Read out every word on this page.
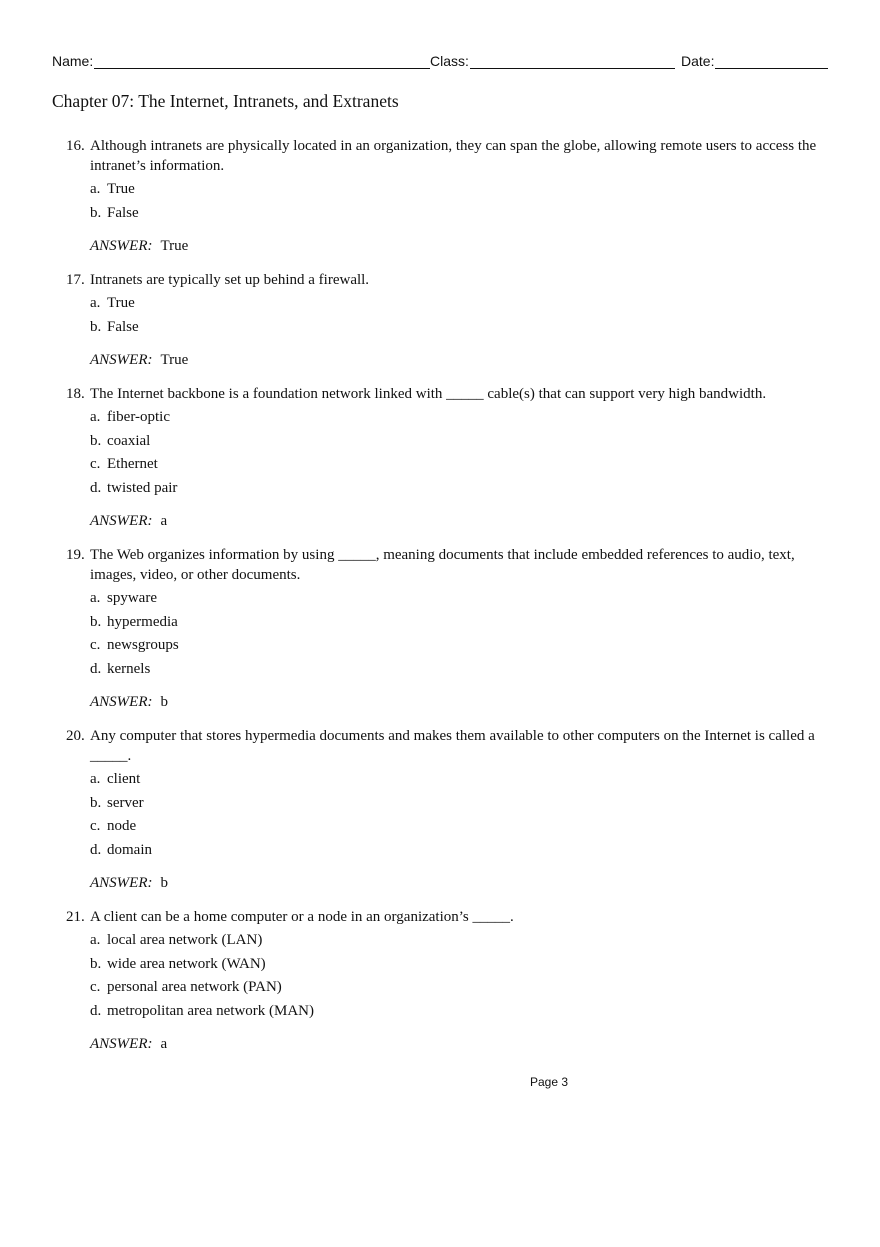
Name:	Class:	Date:
Chapter 07: The Internet, Intranets, and Extranets
16. Although intranets are physically located in an organization, they can span the globe, allowing remote users to access the intranet’s information.
a. True
b. False
ANSWER: True
17. Intranets are typically set up behind a firewall.
a. True
b. False
ANSWER: True
18. The Internet backbone is a foundation network linked with _____ cable(s) that can support very high bandwidth.
a. fiber-optic
b. coaxial
c. Ethernet
d. twisted pair
ANSWER: a
19. The Web organizes information by using _____, meaning documents that include embedded references to audio, text, images, video, or other documents.
a. spyware
b. hypermedia
c. newsgroups
d. kernels
ANSWER: b
20. Any computer that stores hypermedia documents and makes them available to other computers on the Internet is called a _____.
a. client
b. server
c. node
d. domain
ANSWER: b
21. A client can be a home computer or a node in an organization’s _____.
a. local area network (LAN)
b. wide area network (WAN)
c. personal area network (PAN)
d. metropolitan area network (MAN)
ANSWER: a
Page 3
